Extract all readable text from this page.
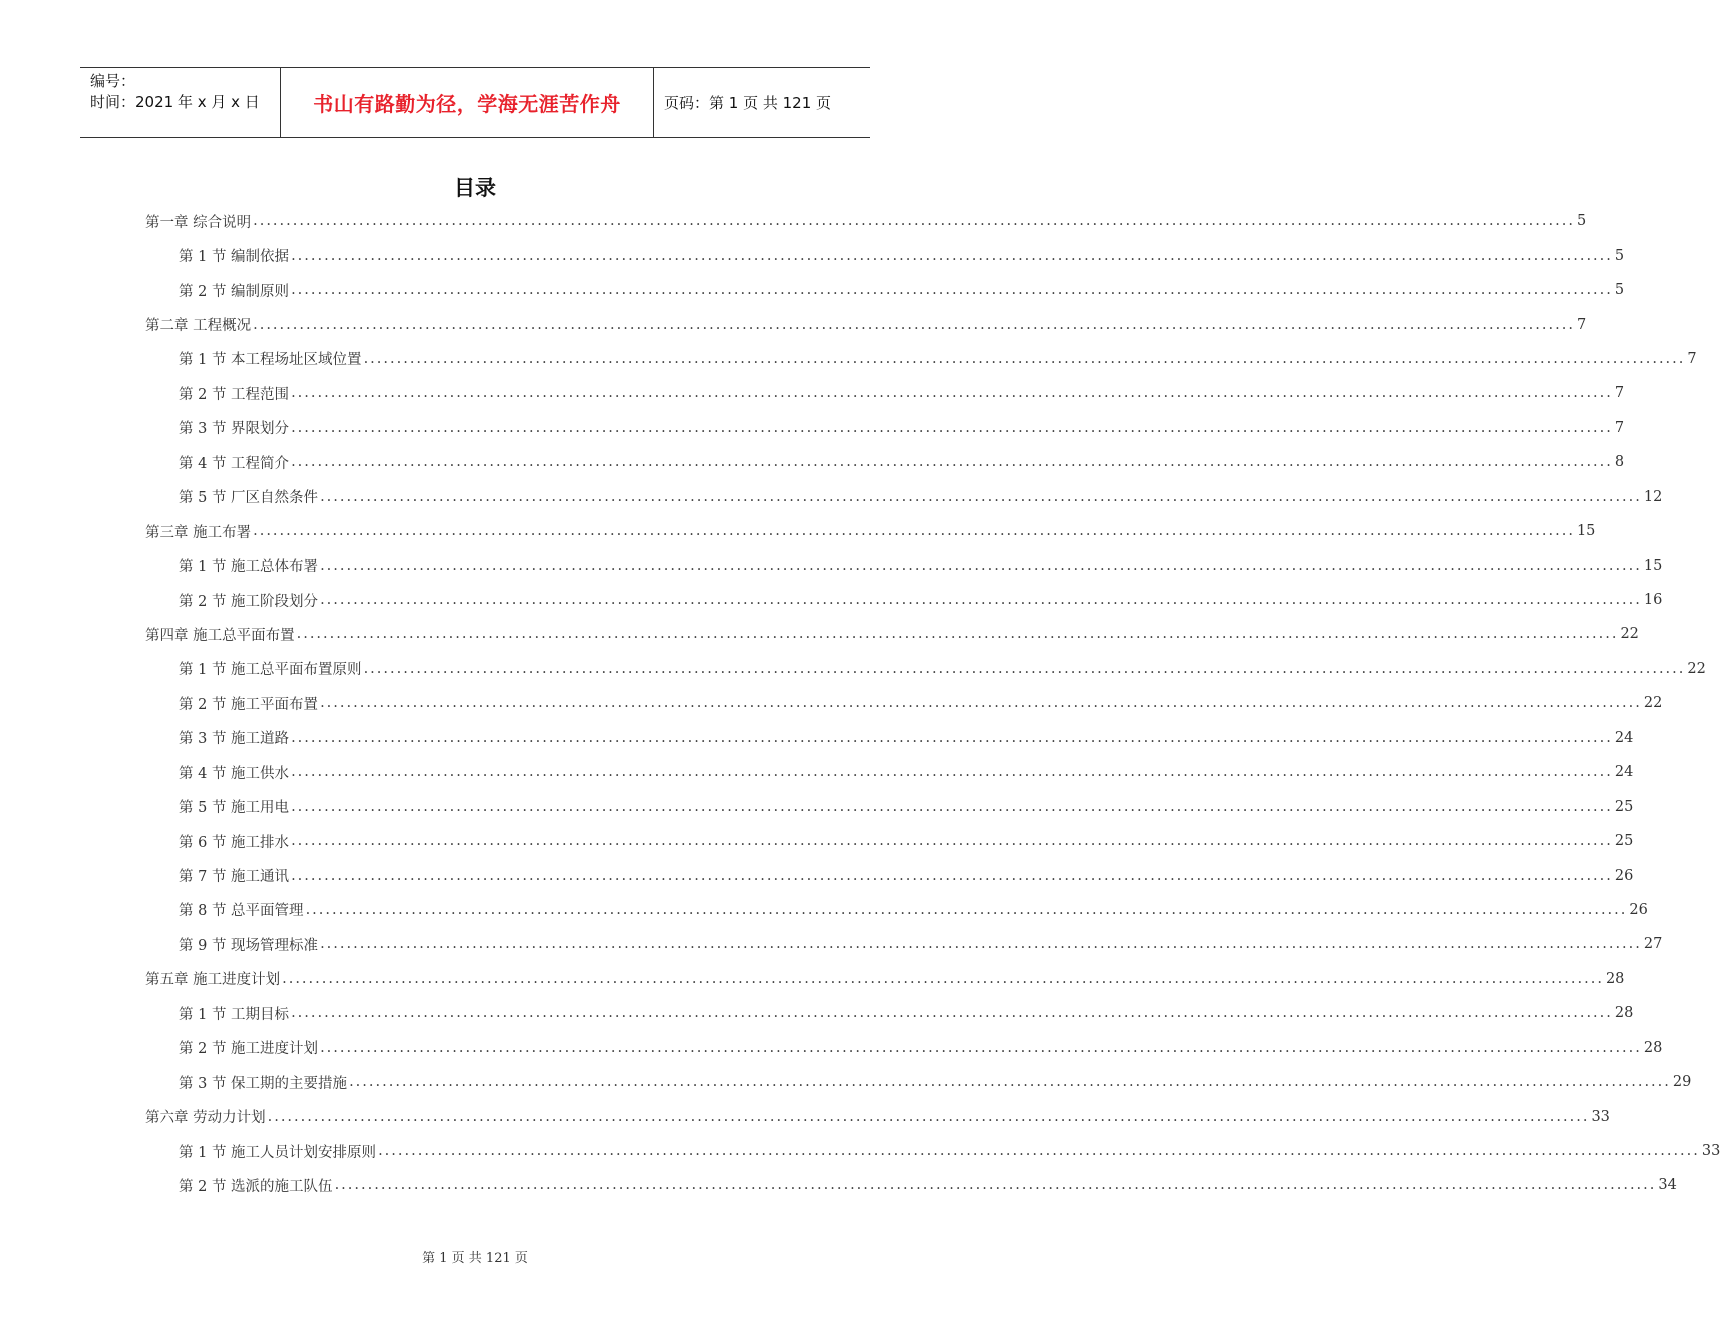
编号：
时间：2021 年 x 月 x 日	书山有路勤为径，学海无涯苦作舟	页码：第 1 页 共 121 页
目录
第一章 综合说明 ........................................................................................................................................................................................................ 5
第 1 节 编制依据 ........................................................................................................................................................................................................ 5
第 2 节 编制原则 ........................................................................................................................................................................................................ 5
第二章 工程概况 ........................................................................................................................................................................................................ 7
第 1 节 本工程场址区域位置 ........................................................................................................................................................................................................ 7
第 2 节 工程范围 ........................................................................................................................................................................................................ 7
第 3 节 界限划分 ........................................................................................................................................................................................................ 7
第 4 节 工程简介 ........................................................................................................................................................................................................ 8
第 5 节 厂区自然条件 ........................................................................................................................................................................................................ 12
第三章 施工布署 ........................................................................................................................................................................................................ 15
第 1 节 施工总体布署 ........................................................................................................................................................................................................ 15
第 2 节 施工阶段划分 ........................................................................................................................................................................................................ 16
第四章 施工总平面布置 ........................................................................................................................................................................................................ 22
第 1 节 施工总平面布置原则 ........................................................................................................................................................................................................ 22
第 2 节 施工平面布置 ........................................................................................................................................................................................................ 22
第 3 节 施工道路 ........................................................................................................................................................................................................ 24
第 4 节 施工供水 ........................................................................................................................................................................................................ 24
第 5 节 施工用电 ........................................................................................................................................................................................................ 25
第 6 节 施工排水 ........................................................................................................................................................................................................ 25
第 7 节 施工通讯 ........................................................................................................................................................................................................ 26
第 8 节 总平面管理 ........................................................................................................................................................................................................ 26
第 9 节 现场管理标准 ........................................................................................................................................................................................................ 27
第五章 施工进度计划 ........................................................................................................................................................................................................ 28
第 1 节 工期目标 ........................................................................................................................................................................................................ 28
第 2 节 施工进度计划 ........................................................................................................................................................................................................ 28
第 3 节 保工期的主要措施 ........................................................................................................................................................................................................ 29
第六章 劳动力计划 ........................................................................................................................................................................................................ 33
第 1 节 施工人员计划安排原则 ........................................................................................................................................................................................................ 33
第 2 节 选派的施工队伍 ........................................................................................................................................................................................................ 34
第 1 页 共 121 页
